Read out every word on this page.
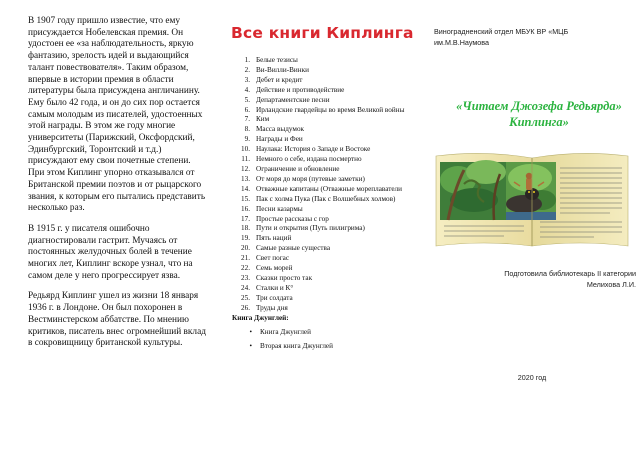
В 1907 году пришло известие, что ему присуждается Нобелевская премия. Он удостоен ее «за наблюдательность, яркую фантазию, зрелость идей и выдающийся талант повествователя». Таким образом, впервые в истории премия в области литературы была присуждена англичанину. Ему было 42 года, и он до сих пор остается самым молодым из писателей, удостоенных этой награды. В этом же году многие университеты (Парижский, Оксфордский, Эдинбургский, Торонтский и т.д.) присуждают ему свои почетные степени. При этом Киплинг упорно отказывался от Британской премии поэтов и от рыцарского звания, к которым его пытались представить несколько раз.

В 1915 г. у писателя ошибочно диагностировали гастрит. Мучаясь от постоянных желудочных болей в течение многих лет, Киплинг вскоре узнал, что на самом деле у него прогрессирует язва.

Редьярд Киплинг ушел из жизни 18 января 1936 г. в Лондоне. Он был похоронен в Вестминстерском аббатстве. По мнению критиков, писатель внес огромнейший вклад в сокровищницу британской культуры.

Все книги Киплинга
1. Белые тезисы
2. Ви-Вилли-Винки
3. Дебет и кредит
4. Действие и противодействие
5. Департаментские песни
6. Ирландские гвардейцы во время Великой войны
7. Ким
8. Масса выдумок
9. Награды и Феи
10. Наулака: История о Западе и Востоке
11. Немного о себе, издана посмертно
12. Ограничение и обновление
13. От моря до моря (путевые заметки)
14. Отважные капитаны (Отважные мореплаватели
15. Пак с холма Пука (Пак с Волшебных холмов)
16. Песни казармы
17. Простые рассказы с гор
18. Пути и открытия (Путь пилигрима)
19. Пять наций
20. Самые разные существа
21. Свет погас
22. Семь морей
23. Сказки просто так
24. Сталки и К°
25. Три солдата
26. Труды дня
Книга Джунглей:
•	Книга Джунглей
•	Вторая книга Джунглей
Виноградненский отдел МБУК ВР «МЦБ
им.М.В.Наумова
«Читаем Джозефа Редьярда» Киплинга»
Подготовила библиотекарь II категории
Мелихова Л.И.
2020 год
